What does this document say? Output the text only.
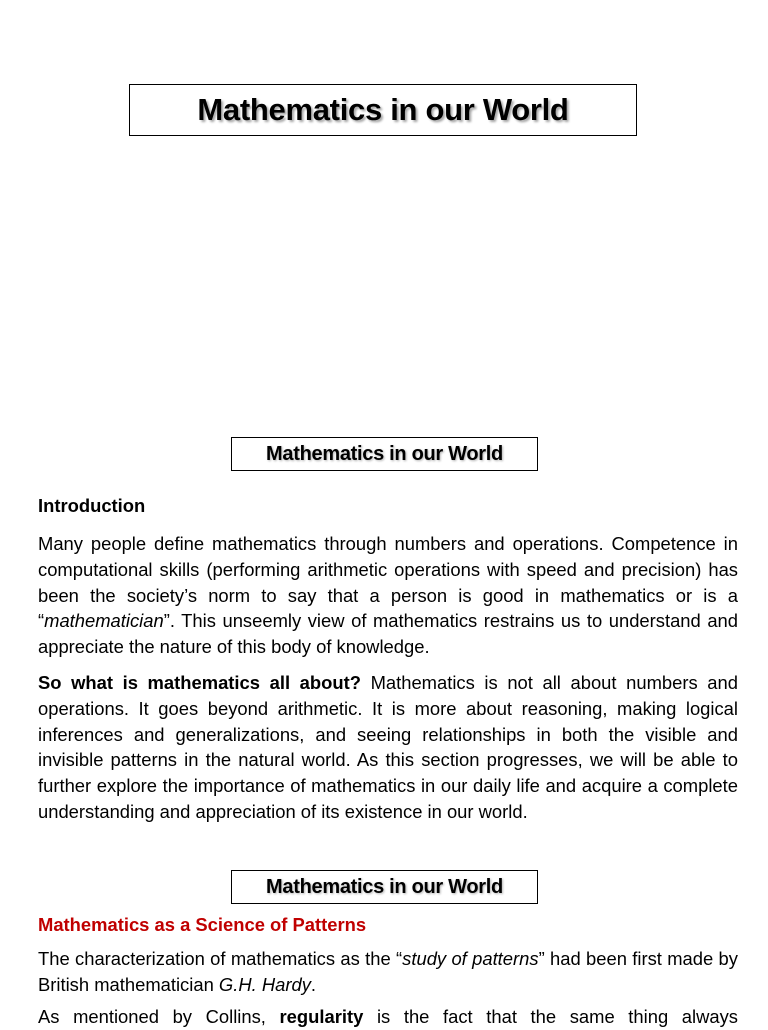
Mathematics in our World
Mathematics in our World
Introduction

Many people define mathematics through numbers and operations. Competence in computational skills (performing arithmetic operations with speed and precision) has been the society’s norm to say that a person is good in mathematics or is a “mathematician”. This unseemly view of mathematics restrains us to understand and appreciate the nature of this body of knowledge.

So what is mathematics all about? Mathematics is not all about numbers and operations. It goes beyond arithmetic. It is more about reasoning, making logical inferences and generalizations, and seeing relationships in both the visible and invisible patterns in the natural world. As this section progresses, we will be able to further explore the importance of mathematics in our daily life and acquire a complete understanding and appreciation of its existence in our world.

Mathematics in our World
Mathematics as a Science of Patterns

The characterization of mathematics as the “study of patterns” had been first made by British mathematician G.H. Hardy.

As mentioned by Collins, regularity is the fact that the same thing always
